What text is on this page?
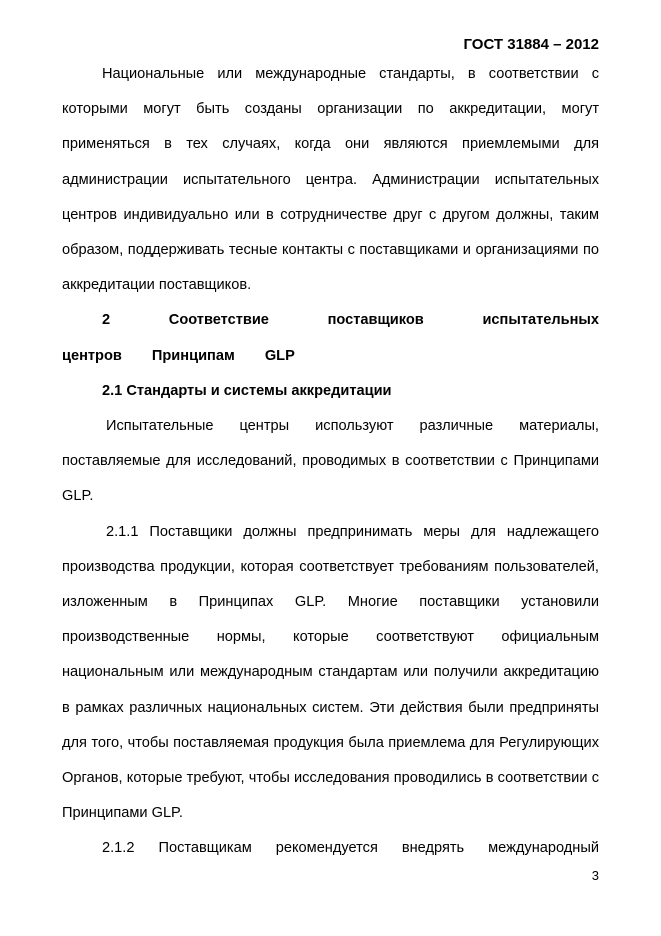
ГОСТ 31884 – 2012

Национальные или международные стандарты, в соответствии с которыми могут быть созданы организации по аккредитации, могут применяться в тех случаях, когда они являются приемлемыми для администрации испытательного центра. Администрации испытательных центров индивидуально или в сотрудничестве друг с другом должны, таким образом, поддерживать тесные контакты с поставщиками и организациями по аккредитации поставщиков.

2 Соответствие поставщиков испытательных центров Принципам GLP

2.1 Стандарты и системы аккредитации

Испытательные центры используют различные материалы, поставляемые для исследований, проводимых в соответствии с Принципами GLP.

2.1.1 Поставщики должны предпринимать меры для надлежащего производства продукции, которая соответствует требованиям пользователей, изложенным в Принципах GLP. Многие поставщики установили производственные нормы, которые соответствуют официальным национальным или международным стандартам или получили аккредитацию в рамках различных национальных систем. Эти действия были предприняты для того, чтобы поставляемая продукция была приемлема для Регулирующих Органов, которые требуют, чтобы исследования проводились в соответствии с Принципами GLP.

2.1.2 Поставщикам рекомендуется внедрять международный

3
